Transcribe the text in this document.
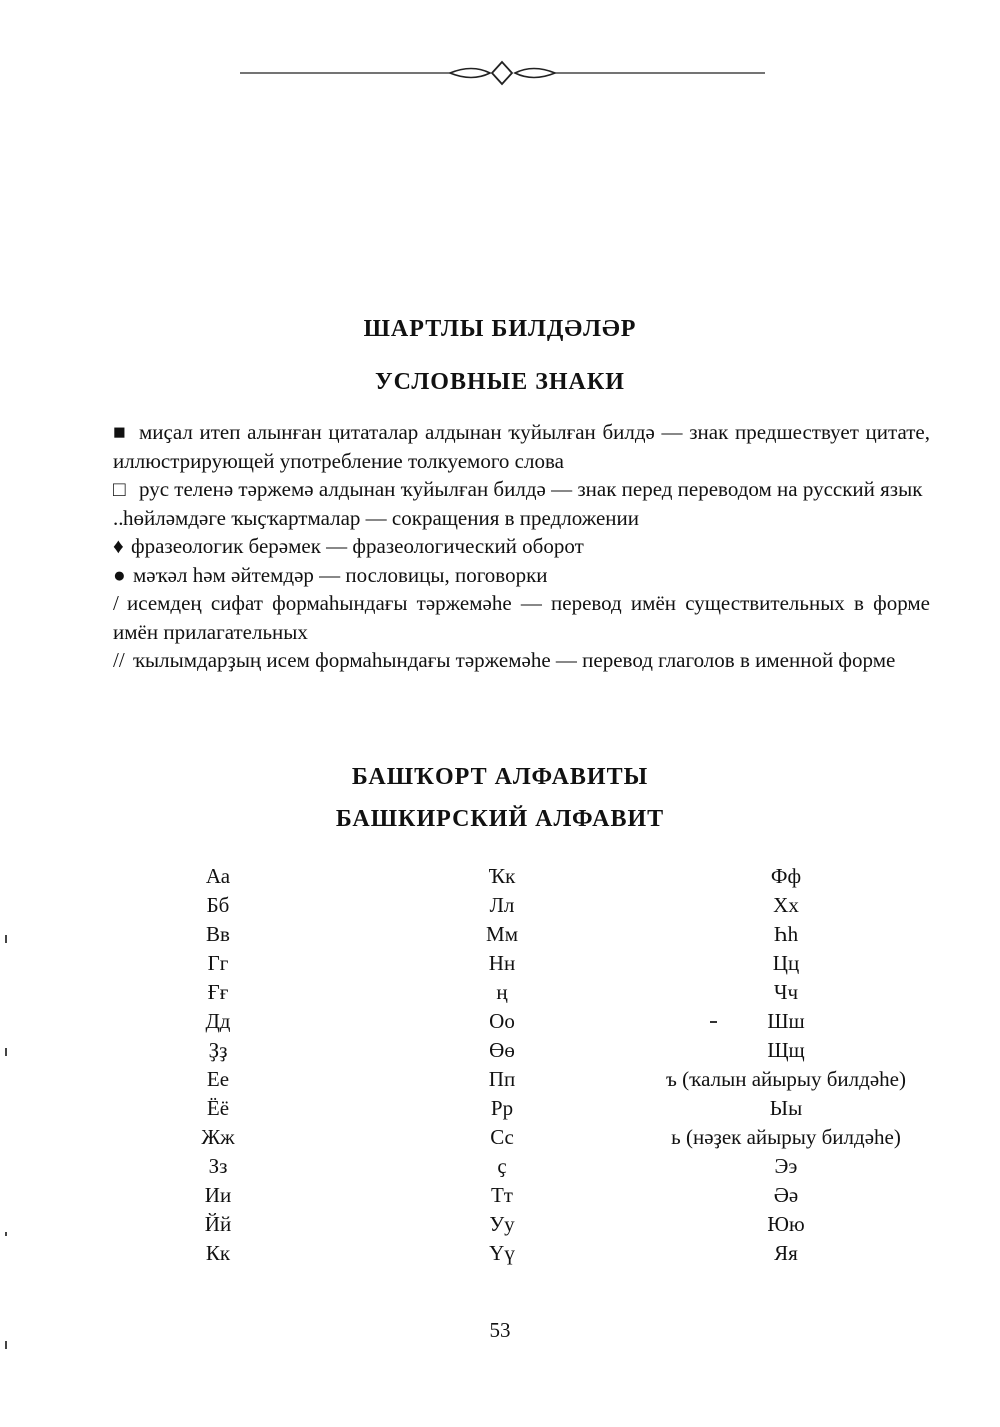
ШАРТЛЫ БИЛДӘЛӘР
УСЛОВНЫЕ ЗНАКИ

■ миҫал итеп алынған цитаталар алдынан ҡуйылған билдә — знак предшествует цитате, иллюстрирующей употребление толкуемого слова

□ рус теленә тәржемә алдынан ҡуйылған билдә — знак перед переводом на русский язык

..һөйләмдәге ҡыҫҡартмалар — сокращения в предложении

♦ фразеологик берәмек — фразеологический оборот

● мәҡәл һәм әйтемдәр — пословицы, поговорки

/ исемдең сифат формаһындағы тәржемәһе — перевод имён существительных в форме имён прилагательных

// ҡылымдарҙың исем формаһындағы тәржемәһе — перевод глаголов в именной форме

БАШҠОРТ АЛФАВИТЫ
БАШКИРСКИЙ АЛФАВИТ
Аа
Бб
Вв
Гг
Ғғ
Дд
Ҙҙ
Ее
Ёё
Жж
Зз
Ии
Йй
Кк
Ҡк
Лл
Мм
Нн
ң
Оо
Өө
Пп
Рр
Сс
ҫ
Тт
Уу
Үү
Фф
Хх
Һһ
Цц
Чч
Шш
Щщ
ъ (ҡалын айырыу билдәһе)
Ыы
ь (нәҙек айырыу билдәһе)
Ээ
Әә
Юю
Яя
53
